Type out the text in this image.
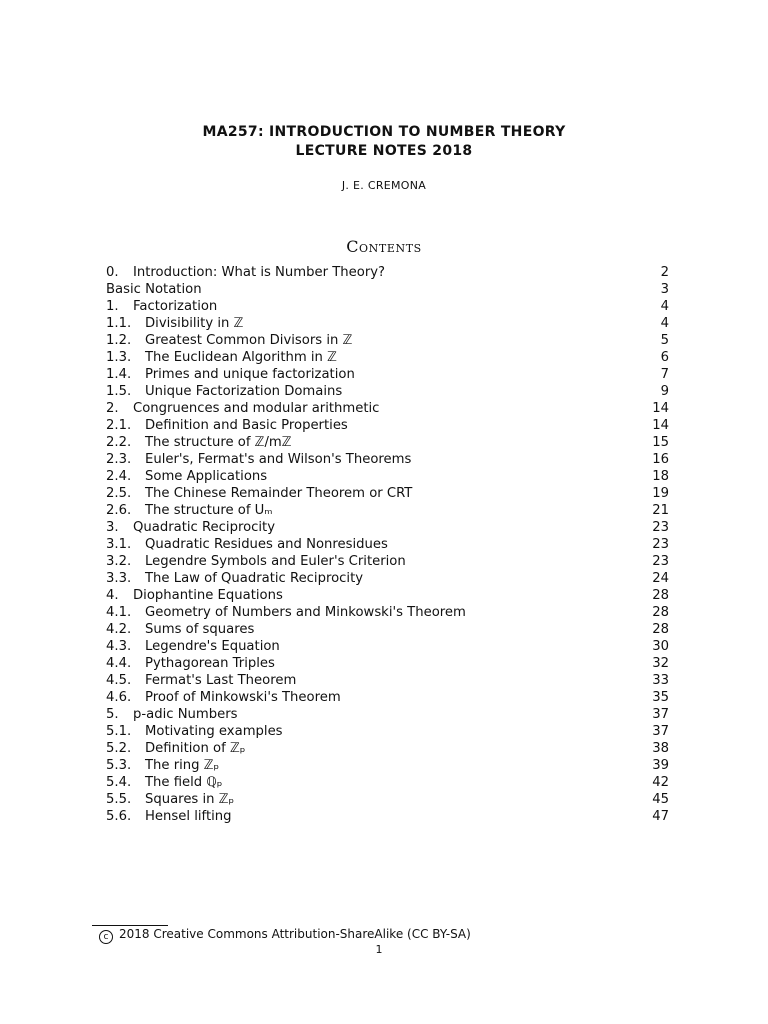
MA257: INTRODUCTION TO NUMBER THEORY
LECTURE NOTES 2018
J. E. CREMONA
Contents
0. Introduction: What is Number Theory?	2
Basic Notation	3
1. Factorization	4
1.1. Divisibility in ℤ	4
1.2. Greatest Common Divisors in ℤ	5
1.3. The Euclidean Algorithm in ℤ	6
1.4. Primes and unique factorization	7
1.5. Unique Factorization Domains	9
2. Congruences and modular arithmetic	14
2.1. Definition and Basic Properties	14
2.2. The structure of ℤ/mℤ	15
2.3. Euler's, Fermat's and Wilson's Theorems	16
2.4. Some Applications	18
2.5. The Chinese Remainder Theorem or CRT	19
2.6. The structure of Uₘ	21
3. Quadratic Reciprocity	23
3.1. Quadratic Residues and Nonresidues	23
3.2. Legendre Symbols and Euler's Criterion	23
3.3. The Law of Quadratic Reciprocity	24
4. Diophantine Equations	28
4.1. Geometry of Numbers and Minkowski's Theorem	28
4.2. Sums of squares	28
4.3. Legendre's Equation	30
4.4. Pythagorean Triples	32
4.5. Fermat's Last Theorem	33
4.6. Proof of Minkowski's Theorem	35
5. p-adic Numbers	37
5.1. Motivating examples	37
5.2. Definition of ℤₚ	38
5.3. The ring ℤₚ	39
5.4. The field ℚₚ	42
5.5. Squares in ℤₚ	45
5.6. Hensel lifting	47
c 2018 Creative Commons Attribution-ShareAlike (CC BY-SA)
1
